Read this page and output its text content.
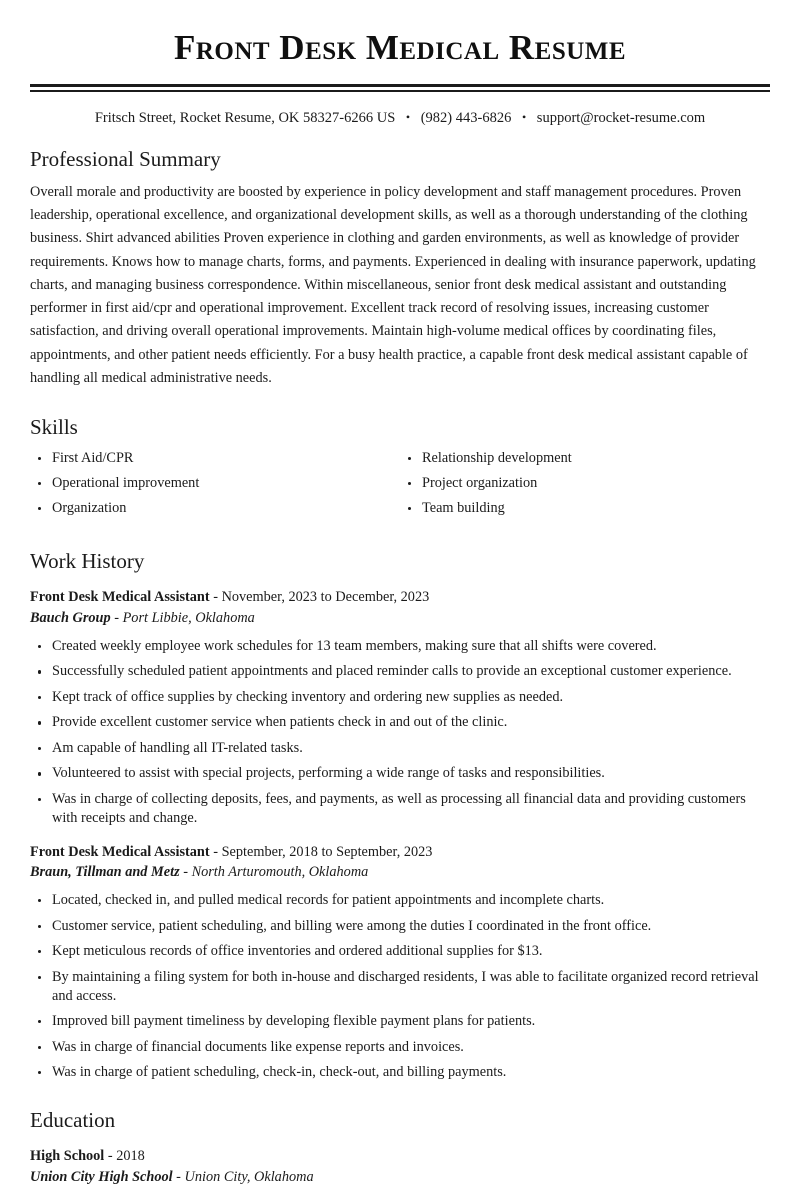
Front Desk Medical Resume
Fritsch Street, Rocket Resume, OK 58327-6266 US • (982) 443-6826 • support@rocket-resume.com
Professional Summary

Overall morale and productivity are boosted by experience in policy development and staff management procedures. Proven leadership, operational excellence, and organizational development skills, as well as a thorough understanding of the clothing business. Shirt advanced abilities Proven experience in clothing and garden environments, as well as knowledge of provider requirements. Knows how to manage charts, forms, and payments. Experienced in dealing with insurance paperwork, updating charts, and managing business correspondence. Within miscellaneous, senior front desk medical assistant and outstanding performer in first aid/cpr and operational improvement. Excellent track record of resolving issues, increasing customer satisfaction, and driving overall operational improvements. Maintain high-volume medical offices by coordinating files, appointments, and other patient needs efficiently. For a busy health practice, a capable front desk medical assistant capable of handling all medical administrative needs.

Skills
First Aid/CPR
Operational improvement
Organization
Relationship development
Project organization
Team building
Work History
Front Desk Medical Assistant - November, 2023 to December, 2023
Bauch Group - Port Libbie, Oklahoma
Created weekly employee work schedules for 13 team members, making sure that all shifts were covered.
Successfully scheduled patient appointments and placed reminder calls to provide an exceptional customer experience.
Kept track of office supplies by checking inventory and ordering new supplies as needed.
Provide excellent customer service when patients check in and out of the clinic.
Am capable of handling all IT-related tasks.
Volunteered to assist with special projects, performing a wide range of tasks and responsibilities.
Was in charge of collecting deposits, fees, and payments, as well as processing all financial data and providing customers with receipts and change.
Front Desk Medical Assistant - September, 2018 to September, 2023
Braun, Tillman and Metz - North Arturomouth, Oklahoma
Located, checked in, and pulled medical records for patient appointments and incomplete charts.
Customer service, patient scheduling, and billing were among the duties I coordinated in the front office.
Kept meticulous records of office inventories and ordered additional supplies for $13.
By maintaining a filing system for both in-house and discharged residents, I was able to facilitate organized record retrieval and access.
Improved bill payment timeliness by developing flexible payment plans for patients.
Was in charge of financial documents like expense reports and invoices.
Was in charge of patient scheduling, check-in, check-out, and billing payments.
Education
High School - 2018
Union City High School - Union City, Oklahoma
